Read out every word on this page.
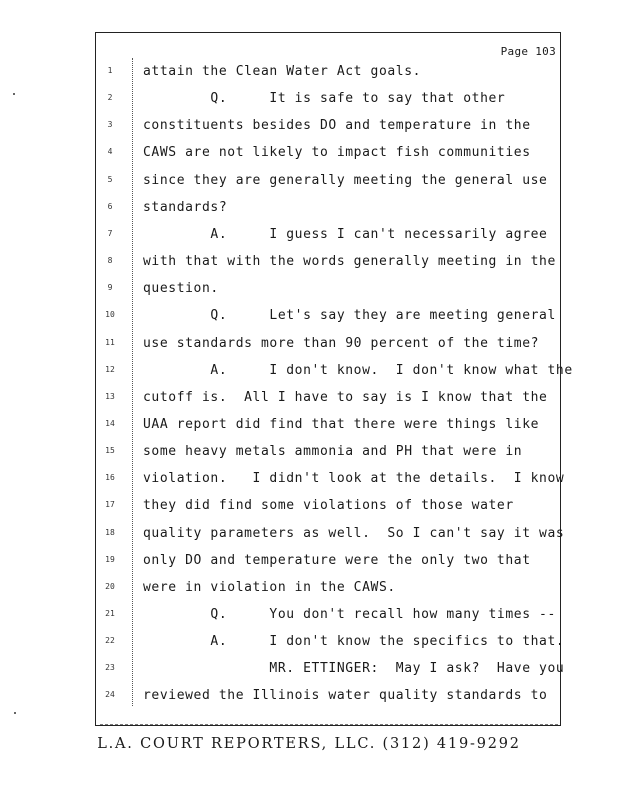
Page 103
1	attain the Clean Water Act goals.
2	Q.     It is safe to say that other
3	constituents besides DO and temperature in the
4	CAWS are not likely to impact fish communities
5	since they are generally meeting the general use
6	standards?
7	A.     I guess I can't necessarily agree
8	with that with the words generally meeting in the
9	question.
10	Q.     Let's say they are meeting general
11	use standards more than 90 percent of the time?
12	A.     I don't know.  I don't know what the
13	cutoff is.  All I have to say is I know that the
14	UAA report did find that there were things like
15	some heavy metals ammonia and PH that were in
16	violation.   I didn't look at the details.  I know
17	they did find some violations of those water
18	quality parameters as well.  So I can't say it was
19	only DO and temperature were the only two that
20	were in violation in the CAWS.
21	Q.     You don't recall how many times --
22	A.     I don't know the specifics to that.
23	MR. ETTINGER:  May I ask?  Have you
24	reviewed the Illinois water quality standards to
L.A. COURT REPORTERS, LLC. (312) 419-9292
